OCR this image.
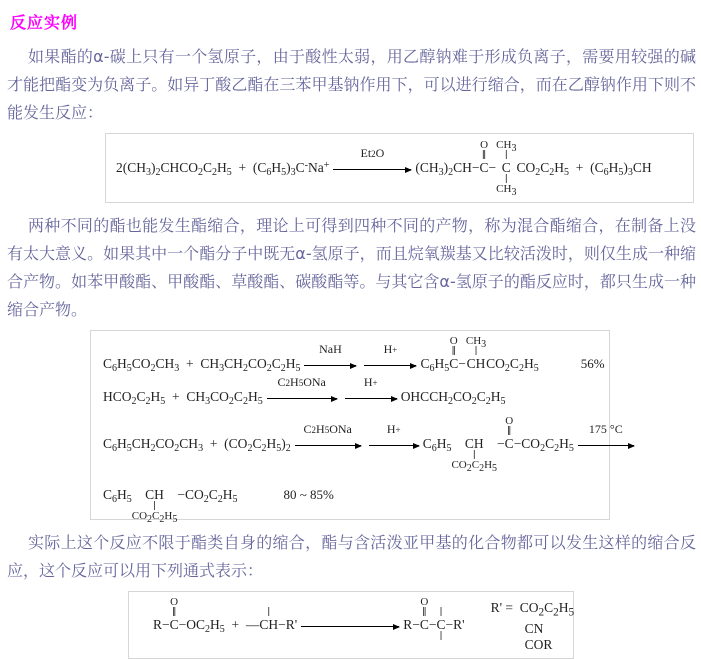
反应实例

如果酯的α-碳上只有一个氢原子，由于酸性太弱，用乙醇钠难于形成负离子，需要用较强的碱才能把酯变为负离子。如异丁酸乙酯在三苯甲基钠作用下，可以进行缩合，而在乙醇钠作用下则不能发生反应：

$2(CH_3)_2CHCO_2C_2H_5 + (C_6H_5)_3C^-Na^+$
Et 2 O
$(CH_3)_2CH-$
O
‖
C −
$CH_3$
|
C
|
$CH_3$
$CO_2C_2H_5 + (C_6H_5)_3CH$

两种不同的酯也能发生酯缩合，理论上可得到四种不同的产物，称为混合酯缩合，在制备上没有太大意义。如果其中一个酯分子中既无α-氢原子，而且烷氧羰基又比较活泼时，则仅生成一种缩合产物。如苯甲酸酯、甲酸酯、草酸酯、碳酸酯等。与其它含α-氢原子的酯反应时，都只生成一种缩合产物。

$C_6H_5CO_2CH_3 + CH_3CH_2CO_2C_2H_5$
NaH	H +
$C_6H_5$
O
‖
C −
$CH_3$
|
CH $CO_2C_2H_5$	56%
$HCO_2C_2H_5 + CH_3CO_2C_2H_5$
C 2 H 5 ONa	H +
$OHCCH_2CO_2C_2H_5$
$C_6H_5CH_2CO_2CH_3 + (CO_2C_2H_5)_2$
C 2 H 5 ONa	H +
$C_6H_5$ CH
|
$CO_2C_2H_5$
−
O
‖
$C -CO_2C_2H_5$
175 °C
$C_6H_5$ CH
|
$CO_2C_2H_5$
$-CO_2C_2H_5$	80 ~ 85%

实际上这个反应不限于酯类自身的缩合，酯与含活泼亚甲基的化合物都可以发生这样的缩合反应，这个反应可以用下列通式表示：

R−
O
‖
$C -OC_2H_5$  +  —
|
CH −R'	R−
O
‖
C −
|
C
|
−R'
$R' = CO_2C_2H_5$
CN
COR
